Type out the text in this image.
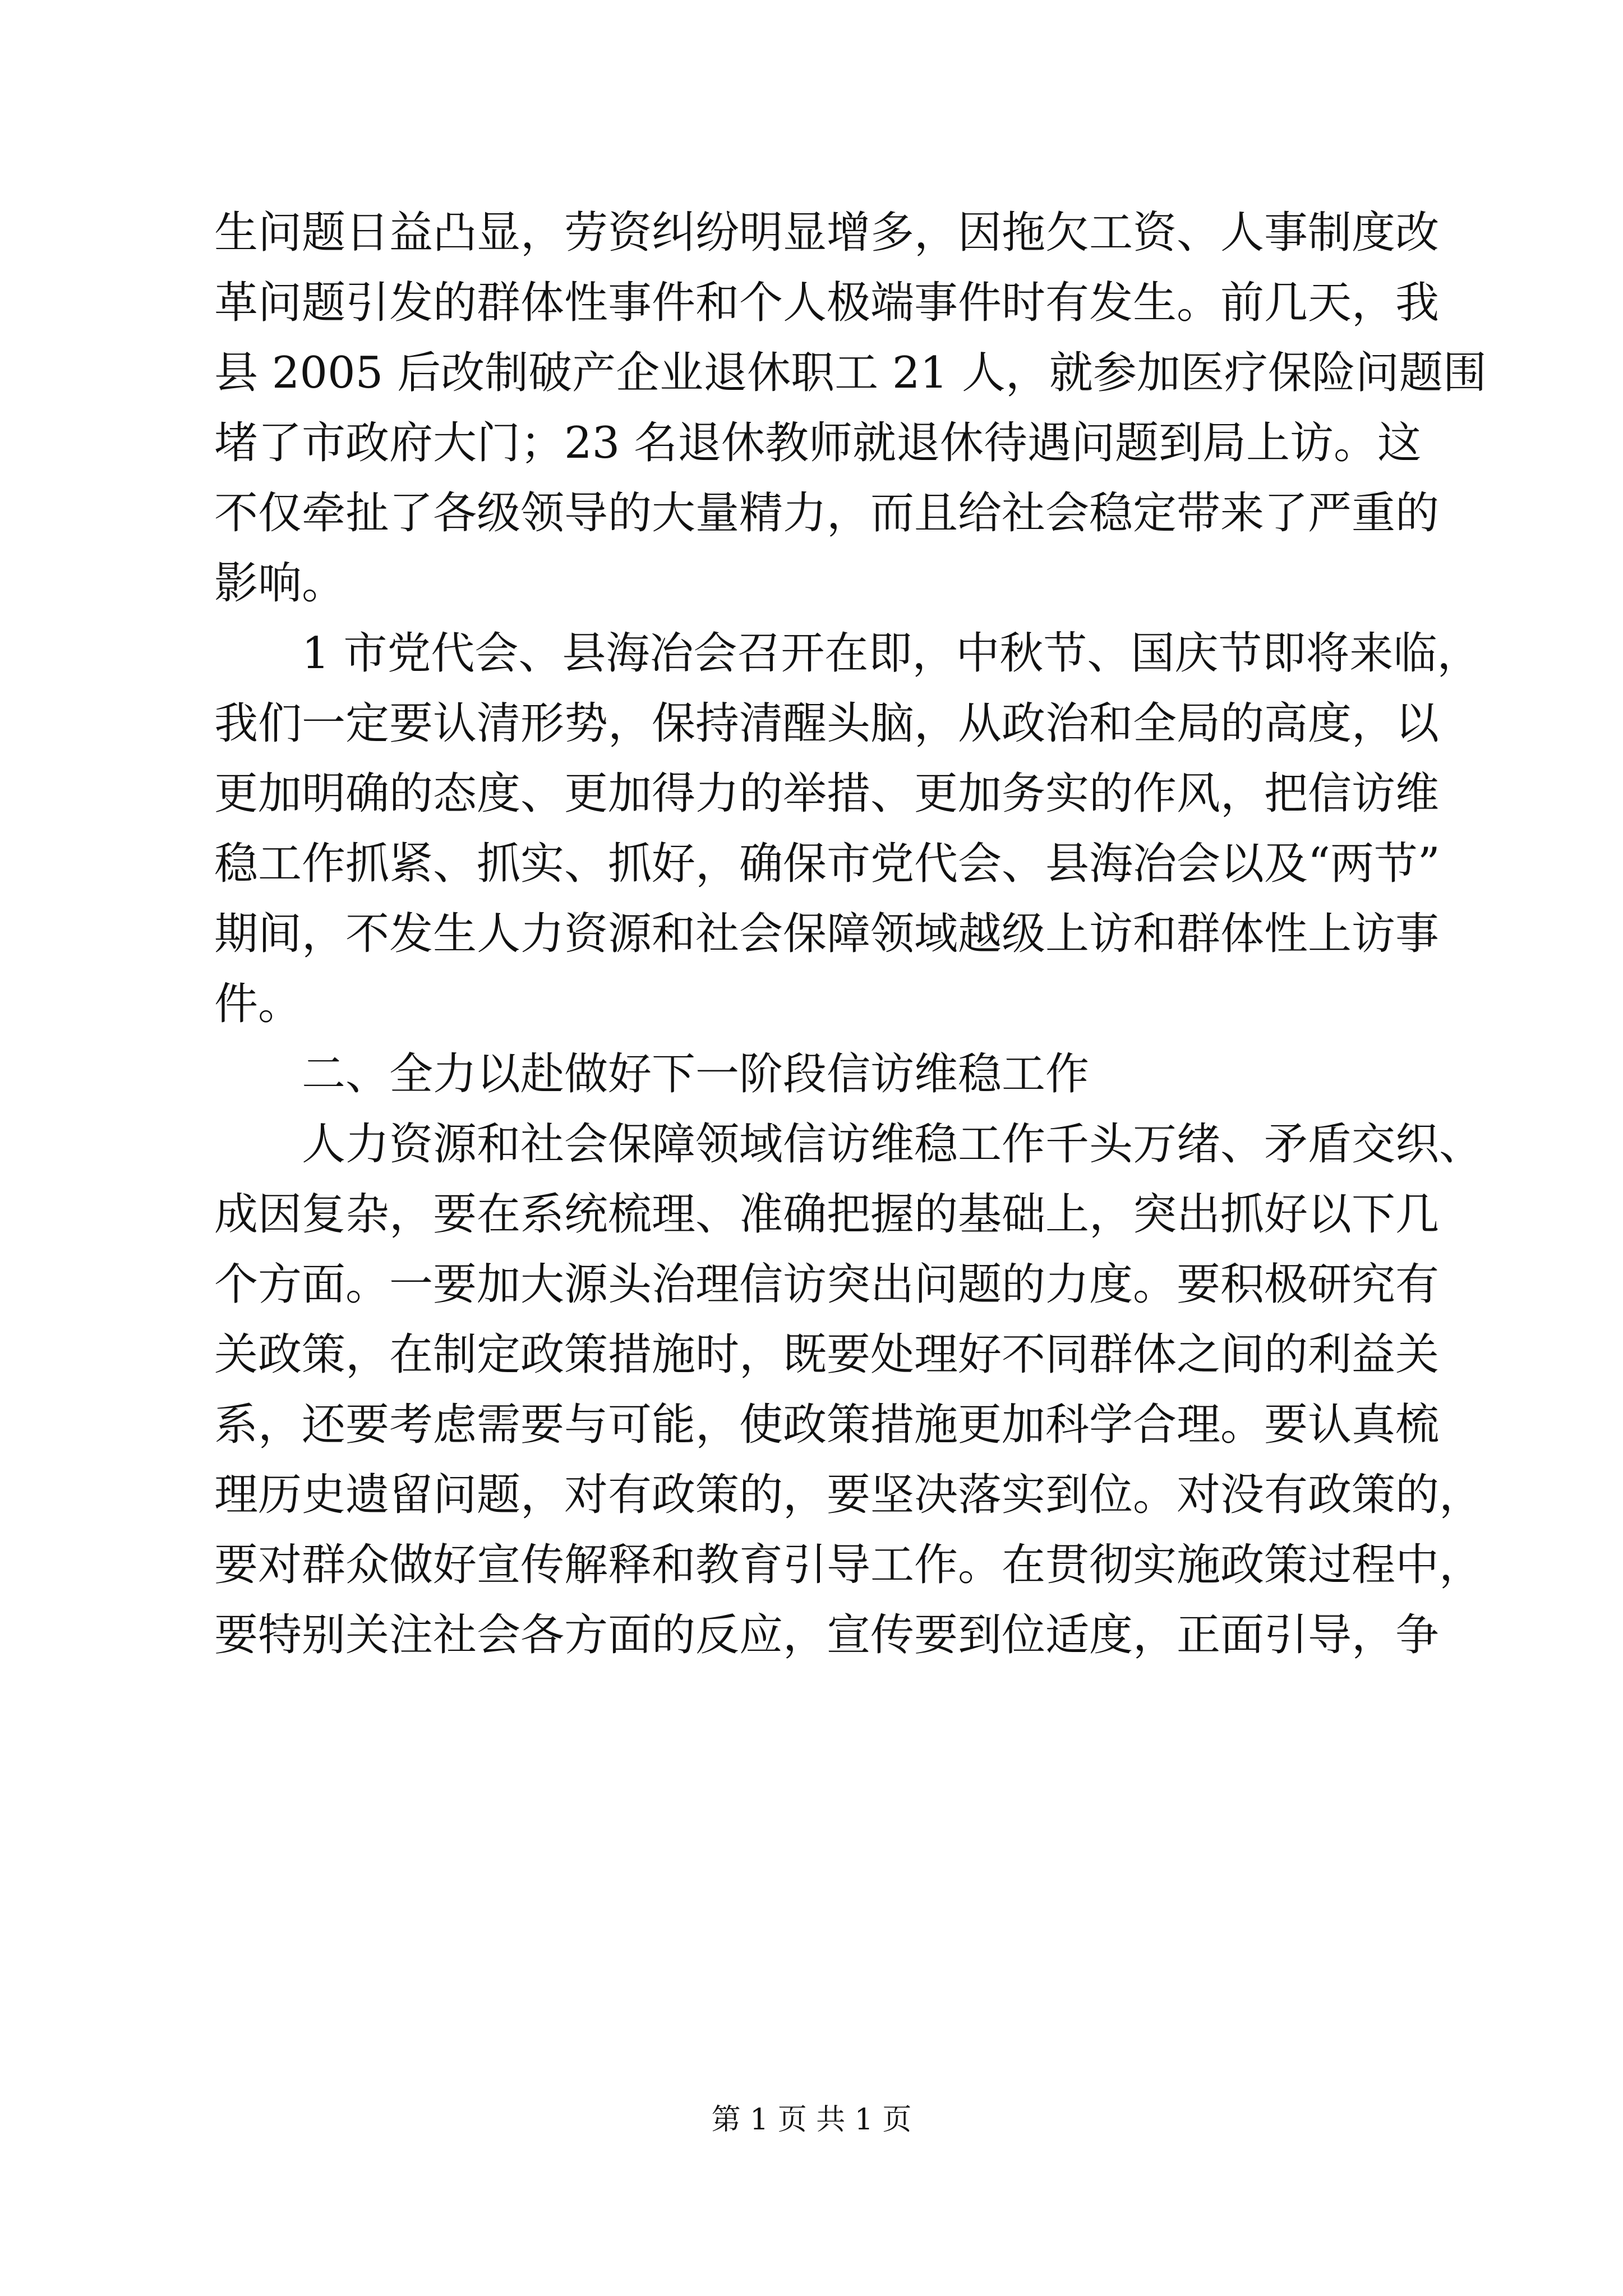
生问题日益凸显，劳资纠纷明显增多，因拖欠工资、人事制度改
革问题引发的群体性事件和个人极端事件时有发生。前几天，我
县 2005 后改制破产企业退休职工 21 人，就参加医疗保险问题围
堵了市政府大门；23 名退休教师就退休待遇问题到局上访。这
不仅牵扯了各级领导的大量精力，而且给社会稳定带来了严重的
影响。
1 市党代会、县海冶会召开在即，中秋节、国庆节即将来临，
我们一定要认清形势，保持清醒头脑，从政治和全局的高度，以
更加明确的态度、更加得力的举措、更加务实的作风，把信访维
稳工作抓紧、抓实、抓好，确保市党代会、县海冶会以及“两节”
期间，不发生人力资源和社会保障领域越级上访和群体性上访事
件。
二、全力以赴做好下一阶段信访维稳工作
人力资源和社会保障领域信访维稳工作千头万绪、矛盾交织、
成因复杂，要在系统梳理、准确把握的基础上，突出抓好以下几
个方面。一要加大源头治理信访突出问题的力度。要积极研究有
关政策，在制定政策措施时，既要处理好不同群体之间的利益关
系，还要考虑需要与可能，使政策措施更加科学合理。要认真梳
理历史遗留问题，对有政策的，要坚决落实到位。对没有政策的，
要对群众做好宣传解释和教育引导工作。在贯彻实施政策过程中，
要特别关注社会各方面的反应，宣传要到位适度，正面引导，争
第 1 页 共 1 页
